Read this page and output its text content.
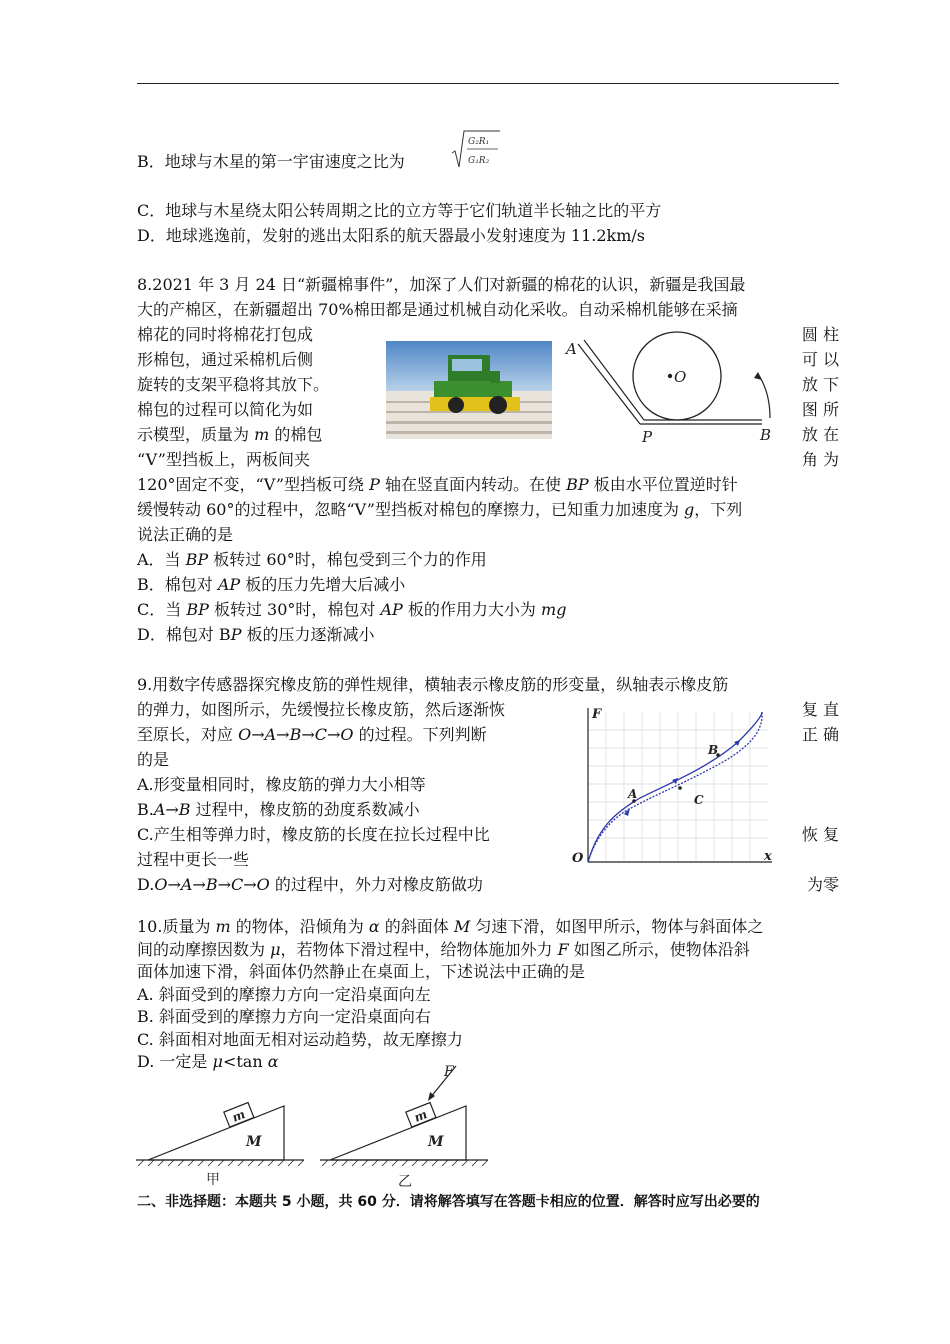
B．地球与木星的第一宇宙速度之比为
G₂R₁
G₁R₂
C．地球与木星绕太阳公转周期之比的立方等于它们轨道半长轴之比的平方
D．地球逃逸前，发射的逃出太阳系的航天器最小发射速度为 11.2km/s
8.2021 年 3 月 24 日“新疆棉事件”，加深了人们对新疆的棉花的认识，新疆是我国最
大的产棉区，在新疆超出 70%棉田都是通过机械自动化采收。自动采棉机能够在采摘
棉花的同时将棉花打包成
形棉包，通过采棉机后侧
旋转的支架平稳将其放下。
棉包的过程可以简化为如
示模型，质量为 m 的棉包
“V”型挡板上，两板间夹
圆 柱
可 以
放 下
图 所
放 在
角 为
A
O
P	B
120°固定不变，“V”型挡板可绕 P 轴在竖直面内转动。在使 BP 板由水平位置逆时针
缓慢转动 60°的过程中，忽略“V”型挡板对棉包的摩擦力，已知重力加速度为 g，下列
说法正确的是
A．当 BP 板转过 60°时，棉包受到三个力的作用
B．棉包对 AP 板的压力先增大后减小
C．当 BP 板转过 30°时，棉包对 AP 板的作用力大小为 mg
D．棉包对 BP 板的压力逐渐减小
9.用数字传感器探究橡皮筋的弹性规律，横轴表示橡皮筋的形变量，纵轴表示橡皮筋
的弹力，如图所示，先缓慢拉长橡皮筋，然后逐渐恢	复 直
至原长，对应 O→A→B→C→O 的过程。下列判断	正 确
的是
A.形变量相同时，橡皮筋的弹力大小相等
B.A→B 过程中，橡皮筋的劲度系数减小
C.产生相等弹力时，橡皮筋的长度在拉长过程中比	恢 复
过程中更长一些
D.O→A→B→C→O 的过程中，外力对橡皮筋做功	为零
F
x
O
A
B
C
10.质量为 m 的物体，沿倾角为 α 的斜面体 M 匀速下滑，如图甲所示，物体与斜面体之
间的动摩擦因数为 μ，若物体下滑过程中，给物体施加外力 F 如图乙所示，使物体沿斜
面体加速下滑，斜面体仍然静止在桌面上，下述说法中正确的是
A. 斜面受到的摩擦力方向一定沿桌面向左
B. 斜面受到的摩擦力方向一定沿桌面向右
C. 斜面相对地面无相对运动趋势，故无摩擦力
D. 一定是 μ<tan α
m
M
甲
m
F
M
乙
二、非选择题：本题共 5 小题，共 60 分．请将解答填写在答题卡相应的位置．解答时应写出必要的
